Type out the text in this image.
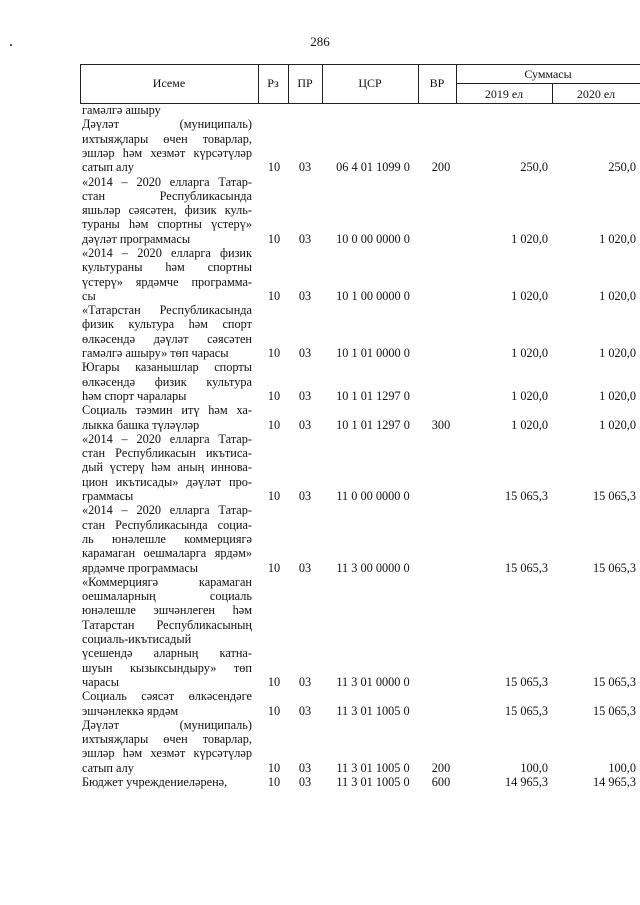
286
Исеме	Рз	ПР	ЦСР	ВР
Суммасы
2019 ел	2020 ел
гамәлгә ашыру
Дәүләт (муниципаль)
ихтыяҗлары өчен товарлар,
эшләр һәм хезмәт күрсәтүләр
сатып алу	10	03	06 4 01 1099 0	200	250,0	250,0
«2014 – 2020 елларга Татар-
стан Республикасында
яшьләр сәясәтен, физик куль-
тураны һәм спортны үстерү»
дәүләт программасы	10	03	10 0 00 0000 0	1 020,0	1 020,0
«2014 – 2020 елларга физик
культураны һәм спортны
үстерү» ярдәмче программа-
сы	10	03	10 1 00 0000 0	1 020,0	1 020,0
«Татарстан Республикасында
физик культура һәм спорт
өлкәсендә дәүләт сәясәтен
гамәлгә ашыру» төп чарасы	10	03	10 1 01 0000 0	1 020,0	1 020,0
Югары казанышлар спорты
өлкәсендә физик культура
һәм спорт чаралары	10	03	10 1 01 1297 0	1 020,0	1 020,0
Социаль тәэмин итү һәм ха-
лыкка башка түләүләр	10	03	10 1 01 1297 0	300	1 020,0	1 020,0
«2014 – 2020 елларга Татар-
стан Республикасын икътиса-
дый үстерү һәм аның иннова-
цион икътисады» дәүләт про-
граммасы	10	03	11 0 00 0000 0	15 065,3	15 065,3
«2014 – 2020 елларга Татар-
стан Республикасында социа-
ль юнәлешле коммерциягә
карамаган оешмаларга ярдәм»
ярдәмче программасы	10	03	11 3 00 0000 0	15 065,3	15 065,3
«Коммерциягә карамаган
оешмаларның социаль
юнәлешле эшчәнлеген һәм
Татарстан Республикасының
социаль-икътисадый
үсешендә аларның катна-
шуын кызыксындыру» төп
чарасы	10	03	11 3 01 0000 0	15 065,3	15 065,3
Социаль сәясәт өлкәсендәге
эшчәнлеккә ярдәм	10	03	11 3 01 1005 0	15 065,3	15 065,3
Дәүләт (муниципаль)
ихтыяҗлары өчен товарлар,
эшләр һәм хезмәт күрсәтүләр
сатып алу	10	03	11 3 01 1005 0	200	100,0	100,0
Бюджет учреждениеләренә,	10	03	11 3 01 1005 0	600	14 965,3	14 965,3
